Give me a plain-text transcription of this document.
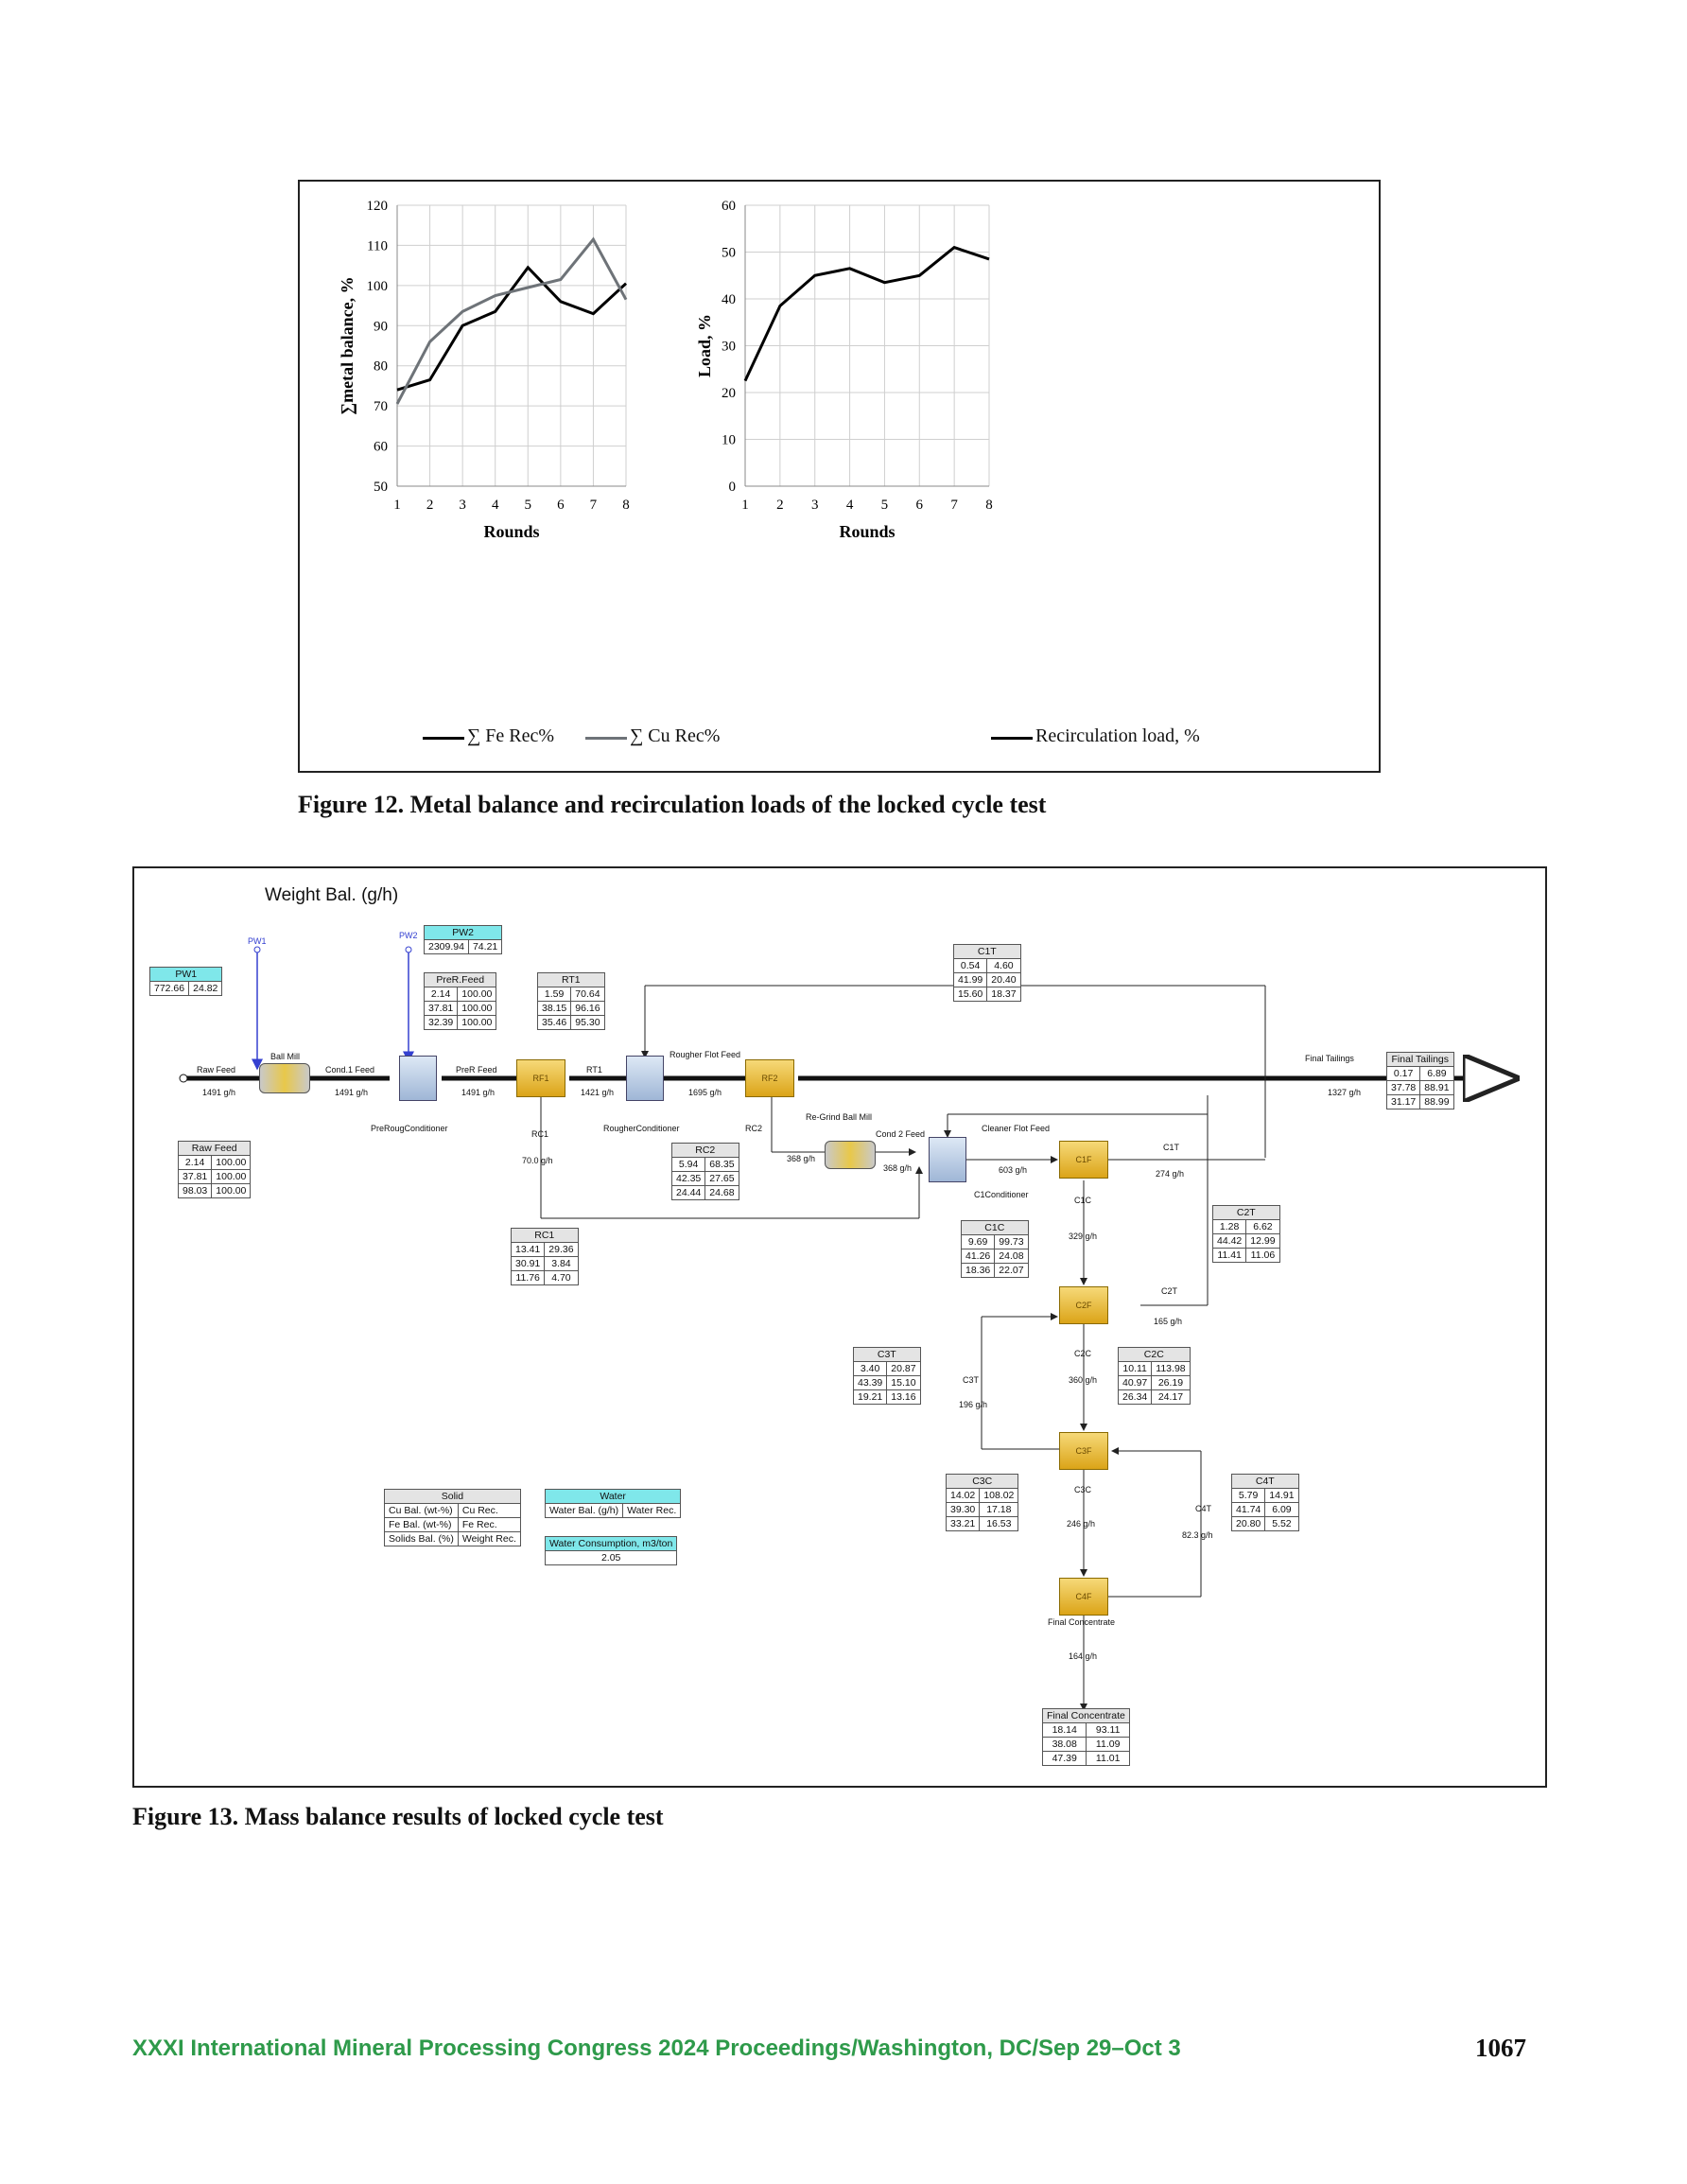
1 2 3 4 5 6 7 8
50
60
70
80
90
100
110
120
Rounds
∑metal balance, %
1 2 3 4 5 6 7 8
0
10
20
30
40
50
60
Rounds
Load, %
∑ Fe Rec%	∑ Cu Rec%	Recirculation load, %
Figure 12. Metal balance and recirculation loads of the locked cycle test
Weight Bal. (g/h)
RF1	RF2
C1F
C2F
C3F
C4F
PW1
PW2
Ball Mill
Raw Feed
1491 g/h
Cond.1 Feed
1491 g/h
PreR Feed
1491 g/h
PreRougConditioner
RT1
1421 g/h
RougherConditioner
Rougher Flot Feed
1695 g/h
RC2
Re-Grind Ball Mill
Cond 2 Feed
368 g/h
368 g/h
RC1
70.0 g/h
Cleaner Flot Feed
603 g/h
C1Conditioner
C1T
274 g/h
C1C
329 g/h
C2T
165 g/h
C2C
360 g/h
C3T
196 g/h
C3C
246 g/h
C4T
82.3 g/h
Final Concentrate
164 g/h
Final Tailings
1327 g/h
PW1
772.66	24.82
PW2
2309.94	74.21
Raw Feed	
2.14	100.00
37.81	100.00
98.03	100.00
PreR.Feed	
2.14	100.00
37.81	100.00
32.39	100.00
RT1	
1.59	70.64
38.15	96.16
35.46	95.30
RC2	
5.94	68.35
42.35	27.65
24.44	24.68
RC1	
13.41	29.36
30.91	3.84
11.76	4.70
C1T	
0.54	4.60
41.99	20.40
15.60	18.37
C1C	
9.69	99.73
41.26	24.08
18.36	22.07
C2T	
1.28	6.62
44.42	12.99
11.41	11.06
C3T	
3.40	20.87
43.39	15.10
19.21	13.16
C2C	
10.11	113.98
40.97	26.19
26.34	24.17
C3C	
14.02	108.02
39.30	17.18
33.21	16.53
C4T	
5.79	14.91
41.74	6.09
20.80	5.52
Final Tailings	
0.17	6.89
37.78	88.91
31.17	88.99
Final Concentrate	
18.14	93.11
38.08	11.09
47.39	11.01
Solid	
Cu Bal. (wt-%)	Cu Rec.
Fe Bal. (wt-%)	Fe Rec.
Solids Bal. (%)	Weight Rec.
Water
Water Bal. (g/h)	Water Rec.
Water Consumption, m3/ton
2.05
Figure 13. Mass balance results of locked cycle test
XXXI International Mineral Processing Congress 2024 Proceedings/Washington, DC/Sep 29–Oct 3	1067
